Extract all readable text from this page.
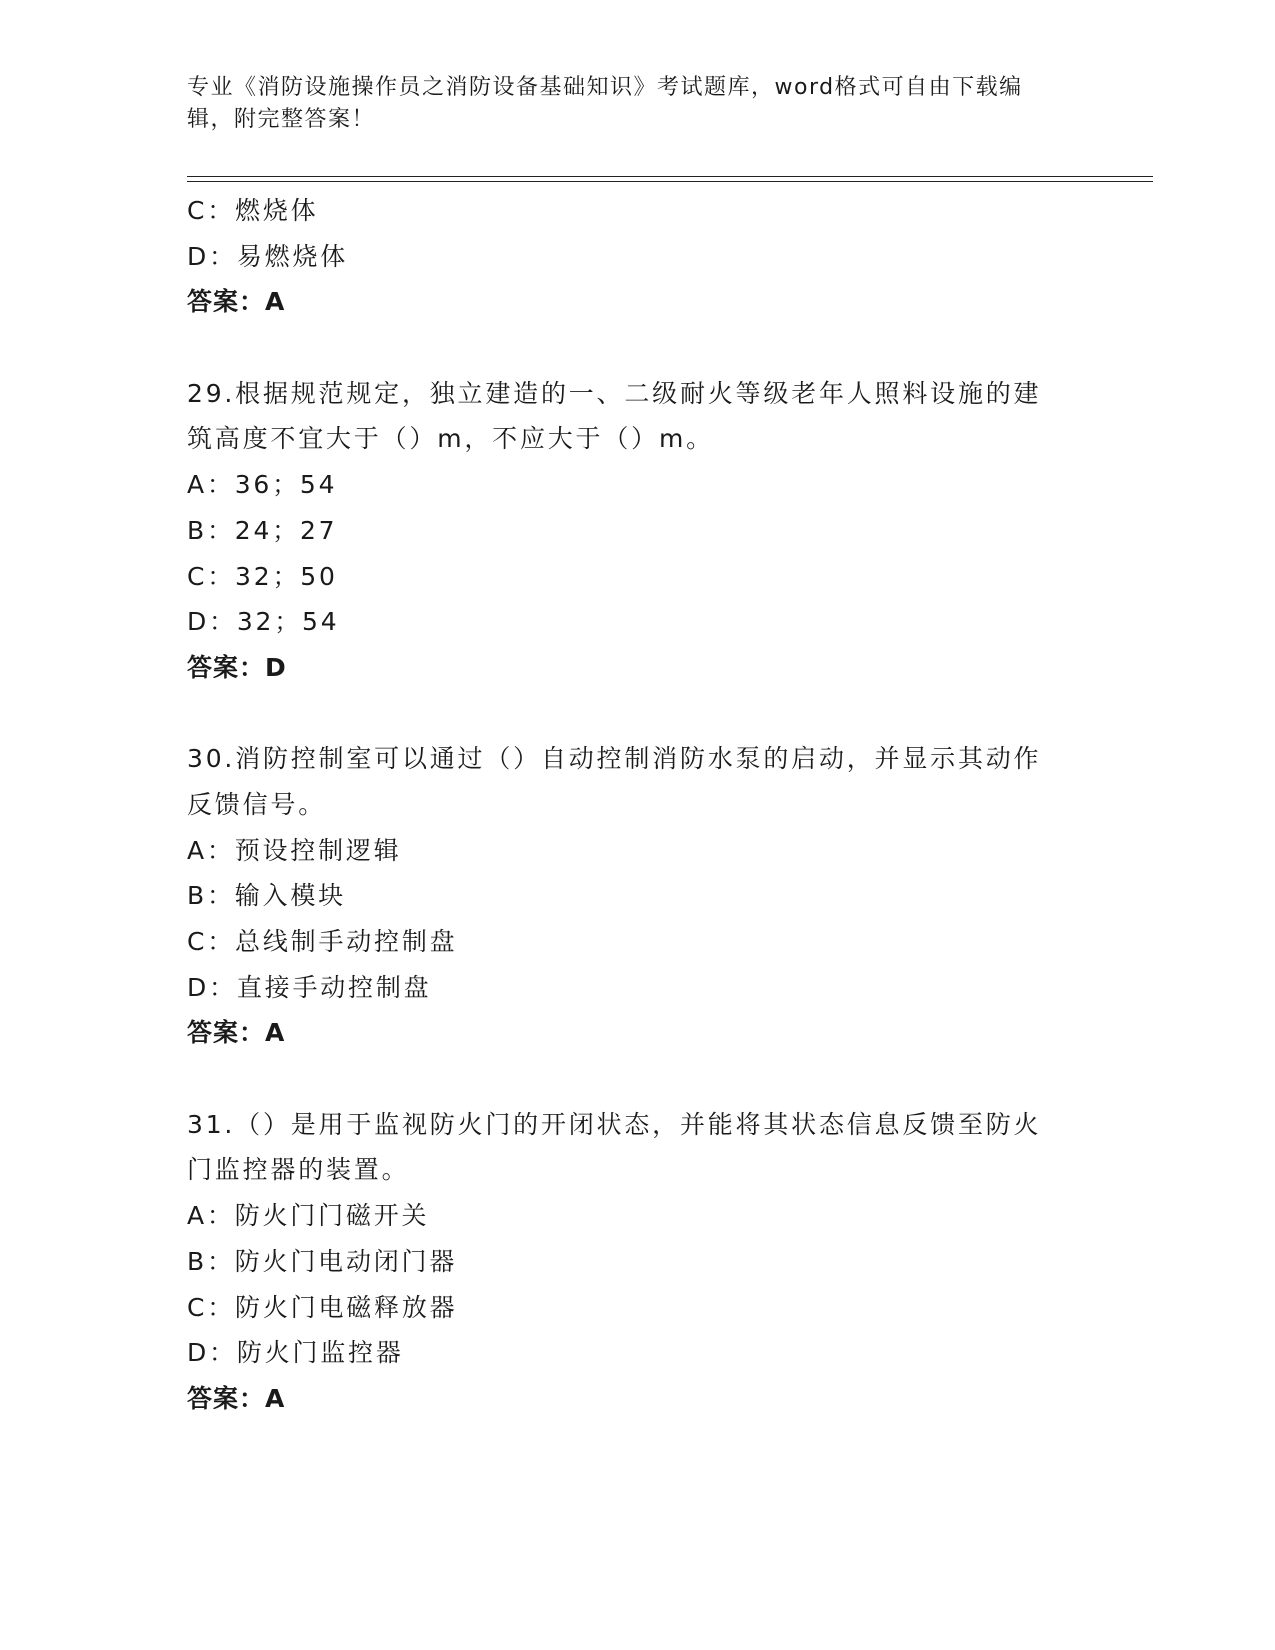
专业《消防设施操作员之消防设备基础知识》考试题库，word格式可自由下载编辑，附完整答案！
C：燃烧体
D：易燃烧体
答案：A
29.根据规范规定，独立建造的一、二级耐火等级老年人照料设施的建
筑高度不宜大于（）m，不应大于（）m。
A：36；54
B：24；27
C：32；50
D：32；54
答案：D
30.消防控制室可以通过（）自动控制消防水泵的启动，并显示其动作
反馈信号。
A：预设控制逻辑
B：输入模块
C：总线制手动控制盘
D：直接手动控制盘
答案：A
31.（）是用于监视防火门的开闭状态，并能将其状态信息反馈至防火
门监控器的装置。
A：防火门门磁开关
B：防火门电动闭门器
C：防火门电磁释放器
D：防火门监控器
答案：A
